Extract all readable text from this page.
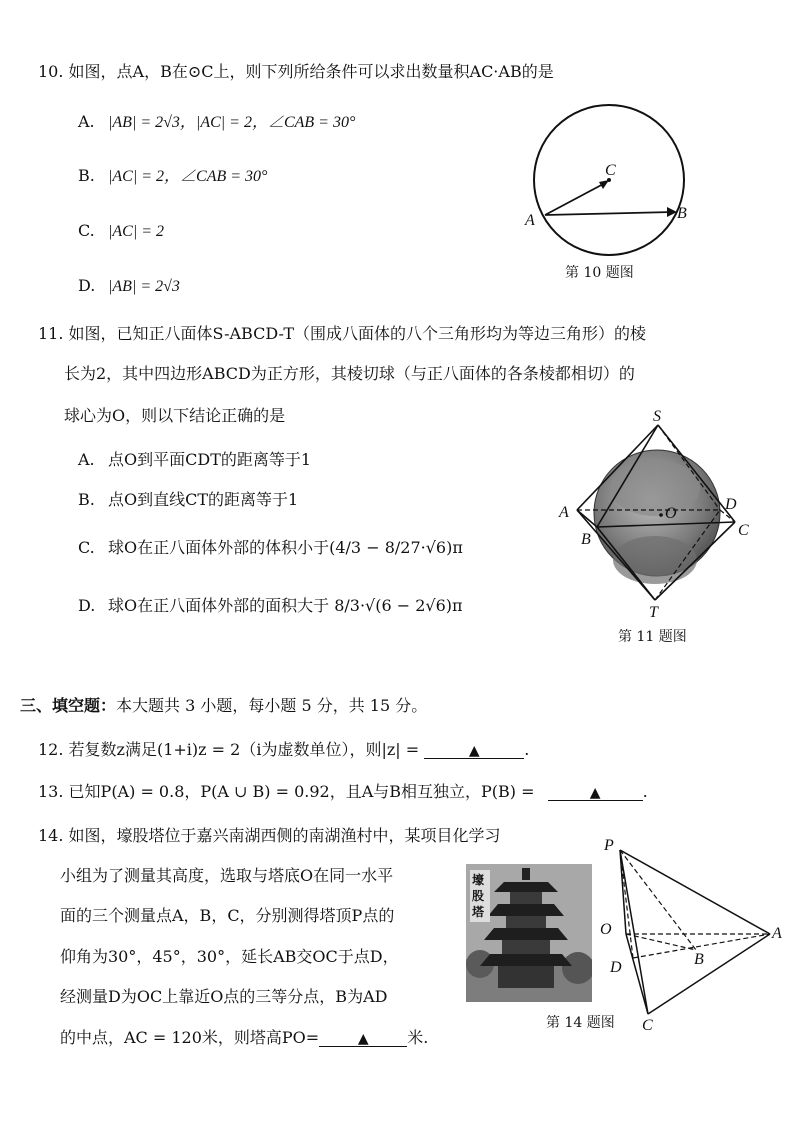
10. 如图，点A，B在⊙C上，则下列所给条件可以求出数量积AC·AB的是
A. |AB| = 2√3，|AC| = 2，∠CAB = 30°
B. |AC| = 2，∠CAB = 30°
C. |AC| = 2
D. |AB| = 2√3
C
A	B
第 10 题图
11. 如图，已知正八面体S-ABCD-T（围成八面体的八个三角形均为等边三角形）的棱
长为2，其中四边形ABCD为正方形，其棱切球（与正八面体的各条棱都相切）的
球心为O，则以下结论正确的是
A. 点O到平面CDT的距离等于1
B. 点O到直线CT的距离等于1
C. 球O在正八面体外部的体积小于(4/3 − 8/27·√6)π
D. 球O在正八面体外部的面积大于 8/3·√(6 − 2√6)π
S
A	O
D
C
B
T
第 11 题图
三、填空题：本大题共 3 小题，每小题 5 分，共 15 分。
12. 若复数z满足(1+i)z = 2（i为虚数单位），则|z| =	▲	.
13. 已知P(A) = 0.8，P(A ∪ B) = 0.92，且A与B相互独立，P(B) =	▲	.
14. 如图，壕股塔位于嘉兴南湖西侧的南湖渔村中，某项目化学习
小组为了测量其高度，选取与塔底O在同一水平
面的三个测量点A，B，C，分别测得塔顶P点的
仰角为30°，45°，30°，延长AB交OC于点D，
经测量D为OC上靠近O点的三等分点，B为AD
的中点，AC = 120米，则塔高PO=	▲ 米.
壕股塔
P
O	A
B
D
C
第 14 题图
